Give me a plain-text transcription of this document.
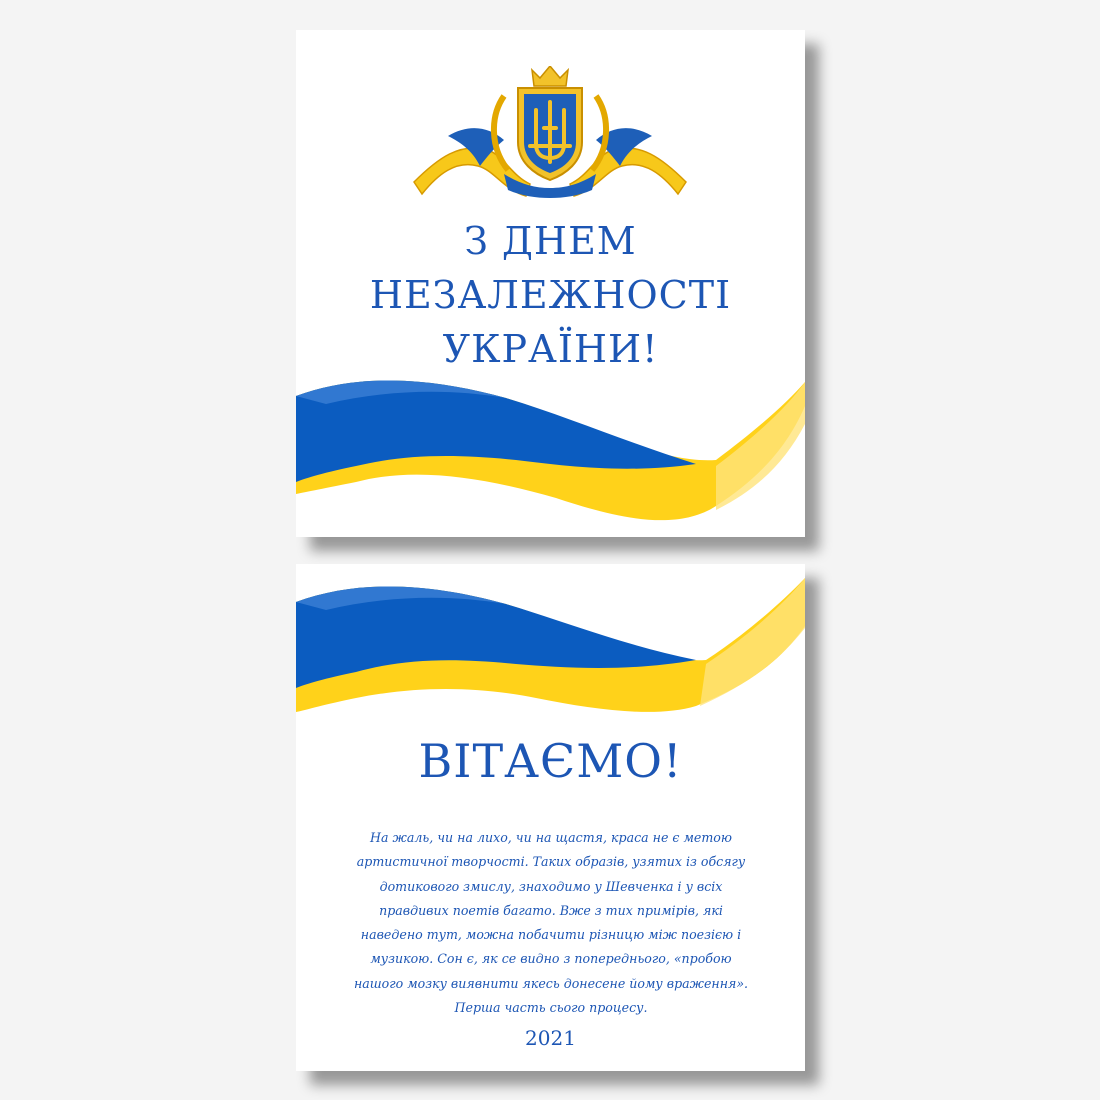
З ДНЕМ
НЕЗАЛЕЖНОСТІ
УКРАЇНИ!
ВІТАЄМО!

На жаль, чи на лихо, чи на щастя, краса не є метою артистичної творчості. Таких образів, узятих із обсягу дотикового змислу, знаходимо у Шевченка і у всіх правдивих поетів багато. Вже з тих примірів, які наведено тут, можна побачити різницю між поезією і музикою. Сон є, як се видно з попереднього, «пробою нашого мозку виявнити якесь донесене йому враження». Перша часть сього процесу.

2021
